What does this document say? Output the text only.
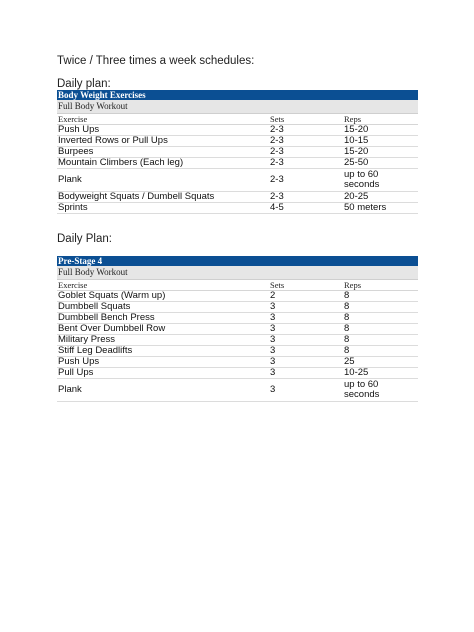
Twice / Three times a week schedules:
Daily plan:
Body Weight Exercises		
Full Body Workout		
Exercise	Sets	Reps
Push Ups	2-3	15-20
Inverted Rows or Pull Ups	2-3	10-15
Burpees	2-3	15-20
Mountain Climbers (Each leg)	2-3	25-50
Plank	2-3	up to 60
seconds
Bodyweight Squats / Dumbell Squats	2-3	20-25
Sprints	4-5	50 meters
Daily Plan:
Pre-Stage 4		
Full Body Workout		
Exercise	Sets	Reps
Goblet Squats (Warm up)	2	8
Dumbbell Squats	3	8
Dumbbell Bench Press	3	8
Bent Over Dumbbell Row	3	8
Military Press	3	8
Stiff Leg Deadlifts	3	8
Push Ups	3	25
Pull Ups	3	10-25
Plank	3	up to 60
seconds
